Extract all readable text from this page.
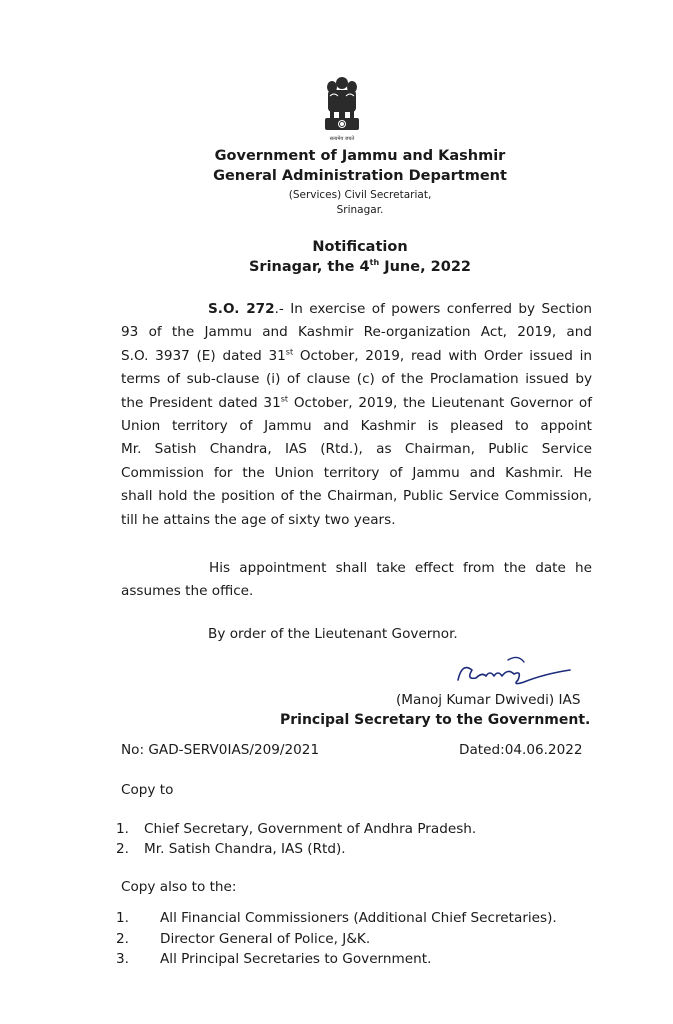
सत्यमेव जयते
Government of Jammu and Kashmir
General Administration Department
(Services) Civil Secretariat,
Srinagar.
Notification
Srinagar, the 4th June, 2022
S.O. 272.- In exercise of powers conferred by Section
93 of the Jammu and Kashmir Re-organization Act, 2019, and
S.O. 3937 (E) dated 31st October, 2019, read with Order issued in
terms of sub-clause (i) of clause (c) of the Proclamation issued by
the President dated 31st October, 2019, the Lieutenant Governor of
Union territory of Jammu and Kashmir is pleased to appoint
Mr. Satish Chandra, IAS (Rtd.), as Chairman, Public Service
Commission for the Union territory of Jammu and Kashmir. He
shall hold the position of the Chairman, Public Service Commission,
till he attains the age of sixty two years.
His appointment shall take effect from the date he
assumes the office.
By order of the Lieutenant Governor.
(Manoj Kumar Dwivedi) IAS
Principal Secretary to the Government.
No: GAD-SERV0IAS/209/2021	Dated:04.06.2022
Copy to
1. Chief Secretary, Government of Andhra Pradesh.
2. Mr. Satish Chandra, IAS (Rtd).
Copy also to the:
1. All Financial Commissioners (Additional Chief Secretaries).
2. Director General of Police, J&K.
3. All Principal Secretaries to Government.
